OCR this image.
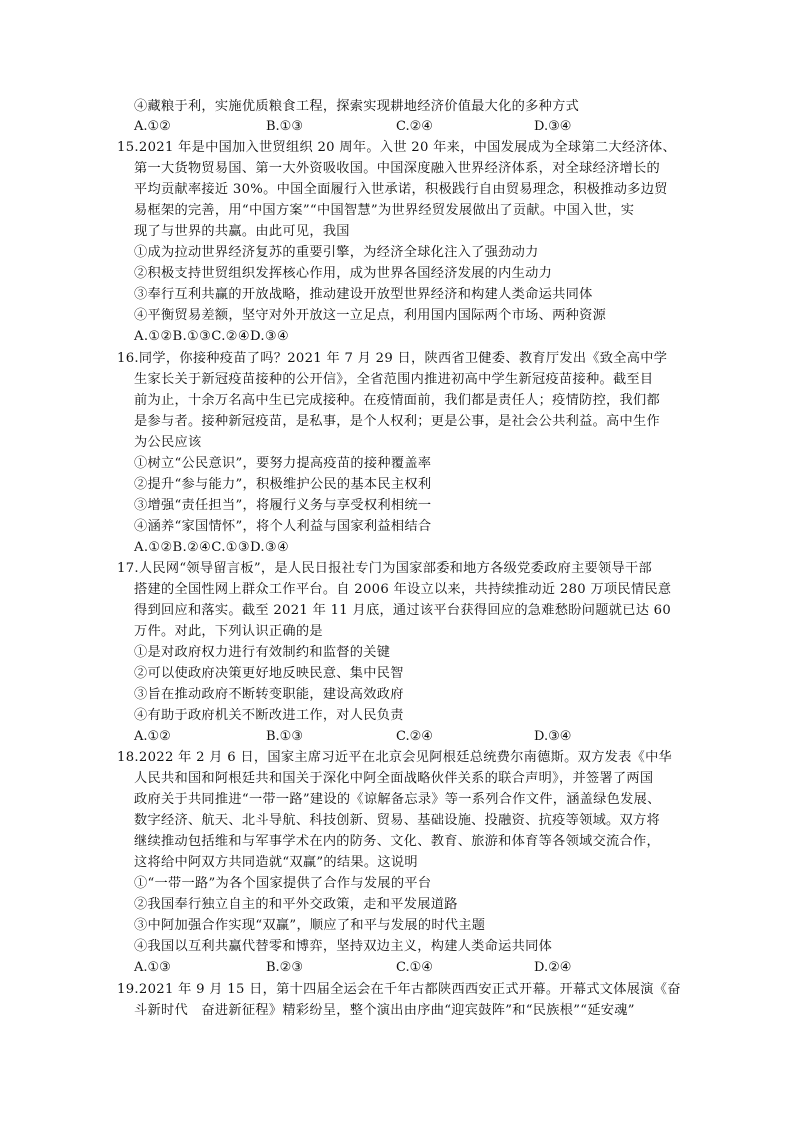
④藏粮于利，实施优质粮食工程，探索实现耕地经济价值最大化的多种方式
A.①②	B.①③	C.②④	D.③④
15.2021 年是中国加入世贸组织 20 周年。入世 20 年来，中国发展成为全球第二大经济体、
第一大货物贸易国、第一大外资吸收国。中国深度融入世界经济体系，对全球经济增长的
平均贡献率接近 30%。中国全面履行入世承诺，积极践行自由贸易理念，积极推动多边贸
易框架的完善，用“中国方案”“中国智慧”为世界经贸发展做出了贡献。中国入世，实
现了与世界的共赢。由此可见，我国
①成为拉动世界经济复苏的重要引擎，为经济全球化注入了强劲动力
②积极支持世贸组织发挥核心作用，成为世界各国经济发展的内生动力
③奉行互利共赢的开放战略，推动建设开放型世界经济和构建人类命运共同体
④平衡贸易差额，坚守对外开放这一立足点，利用国内国际两个市场、两种资源
A.①②B.①③C.②④D.③④
16.同学，你接种疫苗了吗？2021 年 7 月 29 日，陕西省卫健委、教育厅发出《致全高中学
生家长关于新冠疫苗接种的公开信》，全省范围内推进初高中学生新冠疫苗接种。截至目
前为止，十余万名高中生已完成接种。在疫情面前，我们都是责任人；疫情防控，我们都
是参与者。接种新冠疫苗，是私事，是个人权利；更是公事，是社会公共利益。高中生作
为公民应该
①树立“公民意识”，要努力提高疫苗的接种覆盖率
②提升“参与能力”，积极维护公民的基本民主权利
③增强“责任担当”，将履行义务与享受权利相统一
④涵养“家国情怀”，将个人利益与国家利益相结合
A.①②B.②④C.①③D.③④
17.人民网“领导留言板”，是人民日报社专门为国家部委和地方各级党委政府主要领导干部
搭建的全国性网上群众工作平台。自 2006 年设立以来，共持续推动近 280 万项民情民意
得到回应和落实。截至 2021 年 11 月底，通过该平台获得回应的急难愁盼问题就已达 60
万件。对此，下列认识正确的是
①是对政府权力进行有效制约和监督的关键
②可以使政府决策更好地反映民意、集中民智
③旨在推动政府不断转变职能，建设高效政府
④有助于政府机关不断改进工作，对人民负责
A.①②	B.①③	C.②④	D.③④
18.2022 年 2 月 6 日，国家主席习近平在北京会见阿根廷总统费尔南德斯。双方发表《中华
人民共和国和阿根廷共和国关于深化中阿全面战略伙伴关系的联合声明》，并签署了两国
政府关于共同推进“一带一路”建设的《谅解备忘录》等一系列合作文件，涵盖绿色发展、
数字经济、航天、北斗导航、科技创新、贸易、基础设施、投融资、抗疫等领域。双方将
继续推动包括维和与军事学术在内的防务、文化、教育、旅游和体育等各领域交流合作，
这将给中阿双方共同造就“双赢”的结果。这说明
①“一带一路”为各个国家提供了合作与发展的平台
②我国奉行独立自主的和平外交政策，走和平发展道路
③中阿加强合作实现“双赢”，顺应了和平与发展的时代主题
④我国以互利共赢代替零和博弈，坚持双边主义，构建人类命运共同体
A.①③	B.②③	C.①④	D.②④
19.2021 年 9 月 15 日，第十四届全运会在千年古都陕西西安正式开幕。开幕式文体展演《奋
斗新时代　奋进新征程》精彩纷呈，整个演出由序曲“迎宾鼓阵”和“民族根”“延安魂”
